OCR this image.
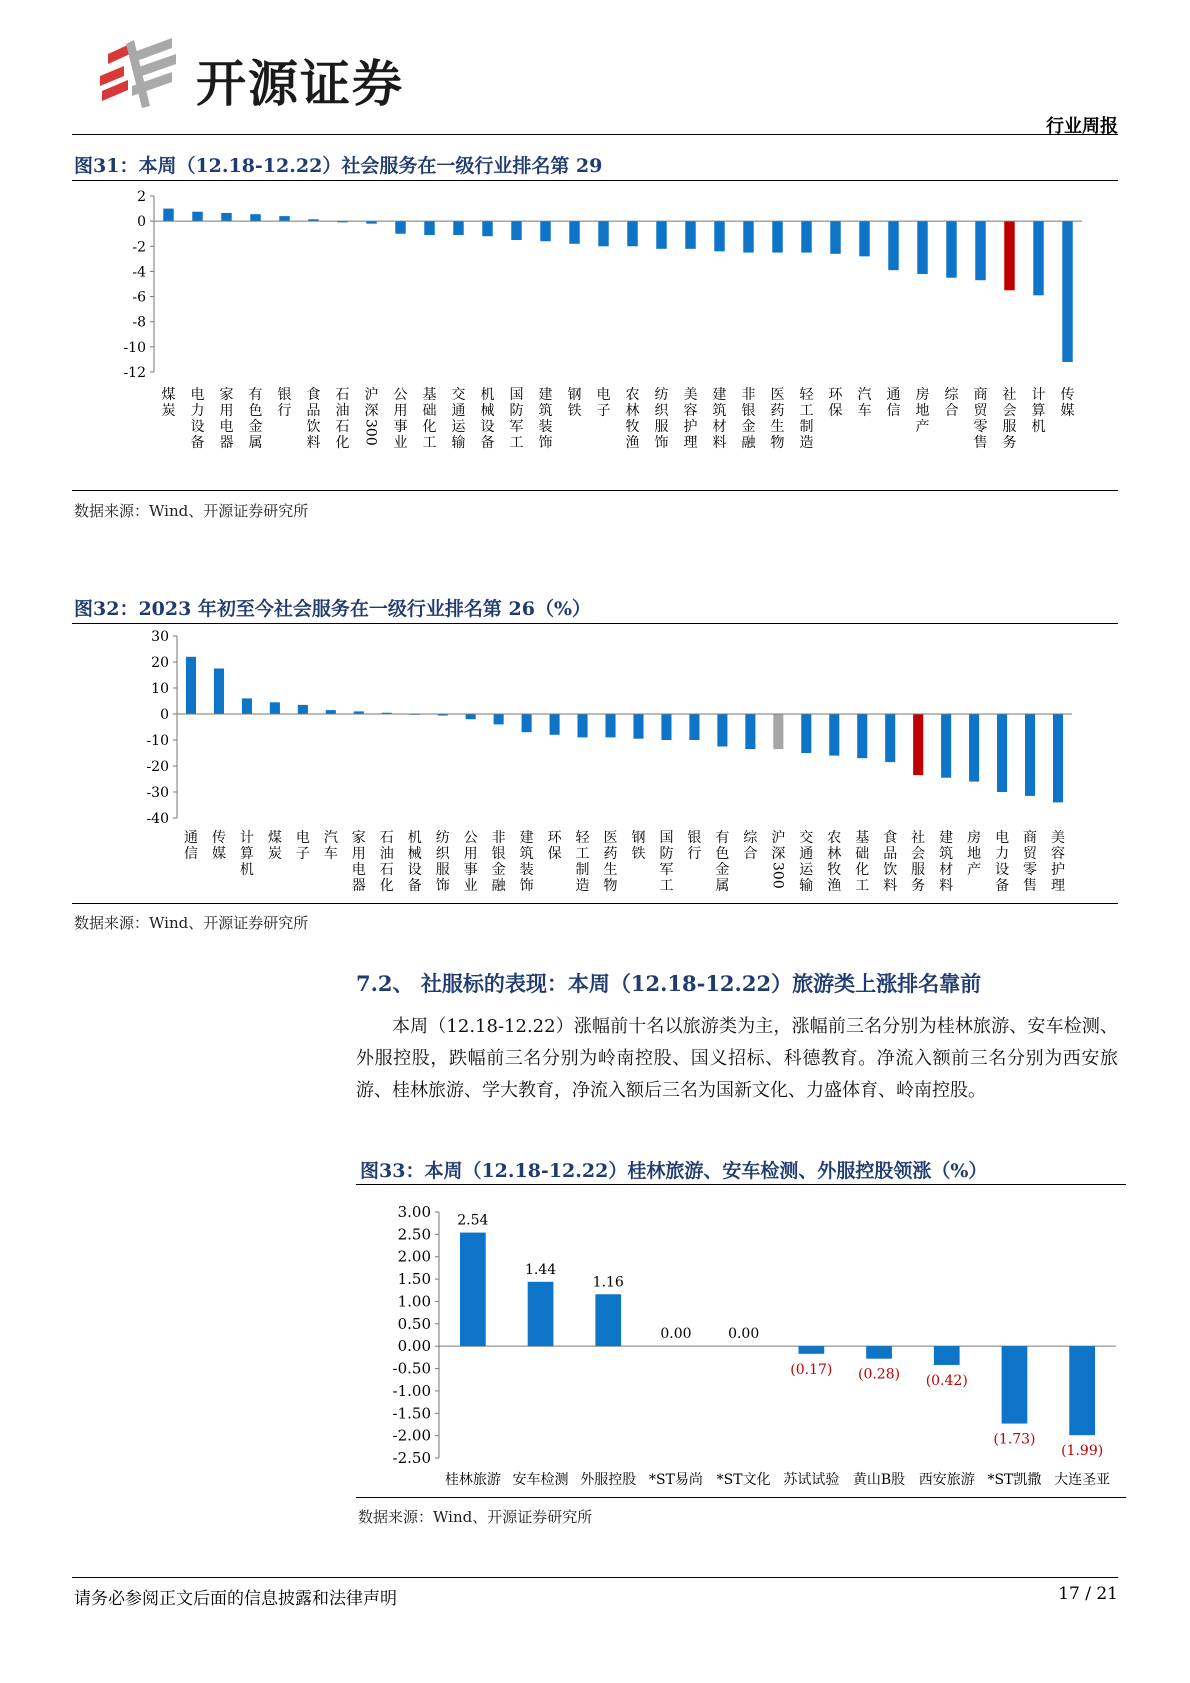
开源证券
行业周报
图31：本周（12.18-12.22）社会服务在一级行业排名第 29
2
0
-2
-4
-6
-8
-10
-12
煤
炭
电
力
设
备
家
用
电
器
有
色
金
属
银
行
食
品
饮
料
石
油
石
化
沪
深
300
公
用
事
业
基
础
化
工
交
通
运
输
机
械
设
备
国
防
军
工
建
筑
装
饰
钢
铁
电
子
农
林
牧
渔
纺
织
服
饰
美
容
护
理
建
筑
材
料
非
银
金
融
医
药
生
物
轻
工
制
造
环
保
汽
车
通
信
房
地
产
综
合
商
贸
零
售
社
会
服
务
计
算
机
传
媒
数据来源：Wind、开源证券研究所
图32：2023 年初至今社会服务在一级行业排名第 26（%）
30
20
10
0
-10
-20
-30
-40
通
信
传
媒
计
算
机
煤
炭
电
子
汽
车
家
用
电
器
石
油
石
化
机
械
设
备
纺
织
服
饰
公
用
事
业
非
银
金
融
建
筑
装
饰
环
保
轻
工
制
造
医
药
生
物
钢
铁
国
防
军
工
银
行
有
色
金
属
综
合
沪
深
300
交
通
运
输
农
林
牧
渔
基
础
化
工
食
品
饮
料
社
会
服
务
建
筑
材
料
房
地
产
电
力
设
备
商
贸
零
售
美
容
护
理
数据来源：Wind、开源证券研究所
7.2、 社服标的表现：本周（12.18-12.22）旅游类上涨排名靠前
本周（12.18-12.22）涨幅前十名以旅游类为主，涨幅前三名分别为桂林旅游、安车检测、外服控股，跌幅前三名分别为岭南控股、国义招标、科德教育。净流入额前三名分别为西安旅游、桂林旅游、学大教育，净流入额后三名为国新文化、力盛体育、岭南控股。
图33：本周（12.18-12.22）桂林旅游、安车检测、外服控股领涨（%）
3.00
2.50
2.00
1.50
1.00
0.50
0.00
-0.50
-1.00
-1.50
-2.00
-2.50
2.54
桂林旅游
1.44
安车检测
1.16
外服控股
0.00
*ST易尚
0.00
*ST文化
(0.17)
苏试试验
(0.28)
黄山B股
(0.42)
西安旅游
(1.73)
*ST凯撒
(1.99)
大连圣亚
数据来源：Wind、开源证券研究所
请务必参阅正文后面的信息披露和法律声明	17 / 21
